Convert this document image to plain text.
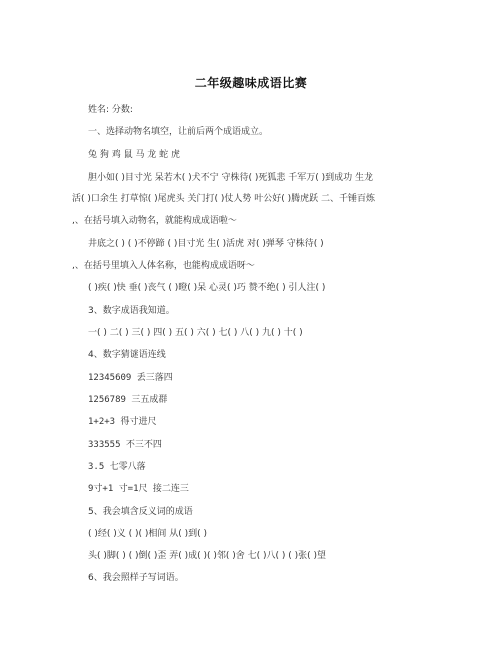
二年级趣味成语比赛
姓名: 分数:
一、选择动物名填空，让前后两个成语成立。
兔 狗 鸡 鼠 马 龙 蛇 虎
胆小如( )目寸光 呆若木( )犬不宁 守株待( )死狐悲 千军万( )到成功 生龙
活( )口余生 打草惊( )尾虎头 关门打( )仗人势 叶公好( )腾虎跃 二、千锤百炼
,、在括号填入动物名，就能构成成语啦～
井底之( ) ( )不停蹄 ( )目寸光 生( )活虎 对( )弹琴 守株待( )
,、在括号里填入人体名称，也能构成成语呀～
( )疾( )快 垂( )丧气 ( )瞪( )呆 心灵( )巧 赞不绝( ) 引人注( )
3、数字成语我知道。
一( ) 二( ) 三( ) 四( ) 五( ) 六( ) 七( ) 八( ) 九( ) 十( )
4、数字猜谜语连线
12345609 丢三落四
1256789 三五成群
1+2+3 得寸进尺
333555 不三不四
3.5 七零八落
9寸+1 寸=1尺 接二连三
5、我会填含反义词的成语
( )经( )义 ( )( )相间 从( )到( )
头( )脚( ) ( )倒( )歪 弄( )成( )( )邻( )舍 七( )八( ) ( )张( )望
6、我会照样子写词语。
